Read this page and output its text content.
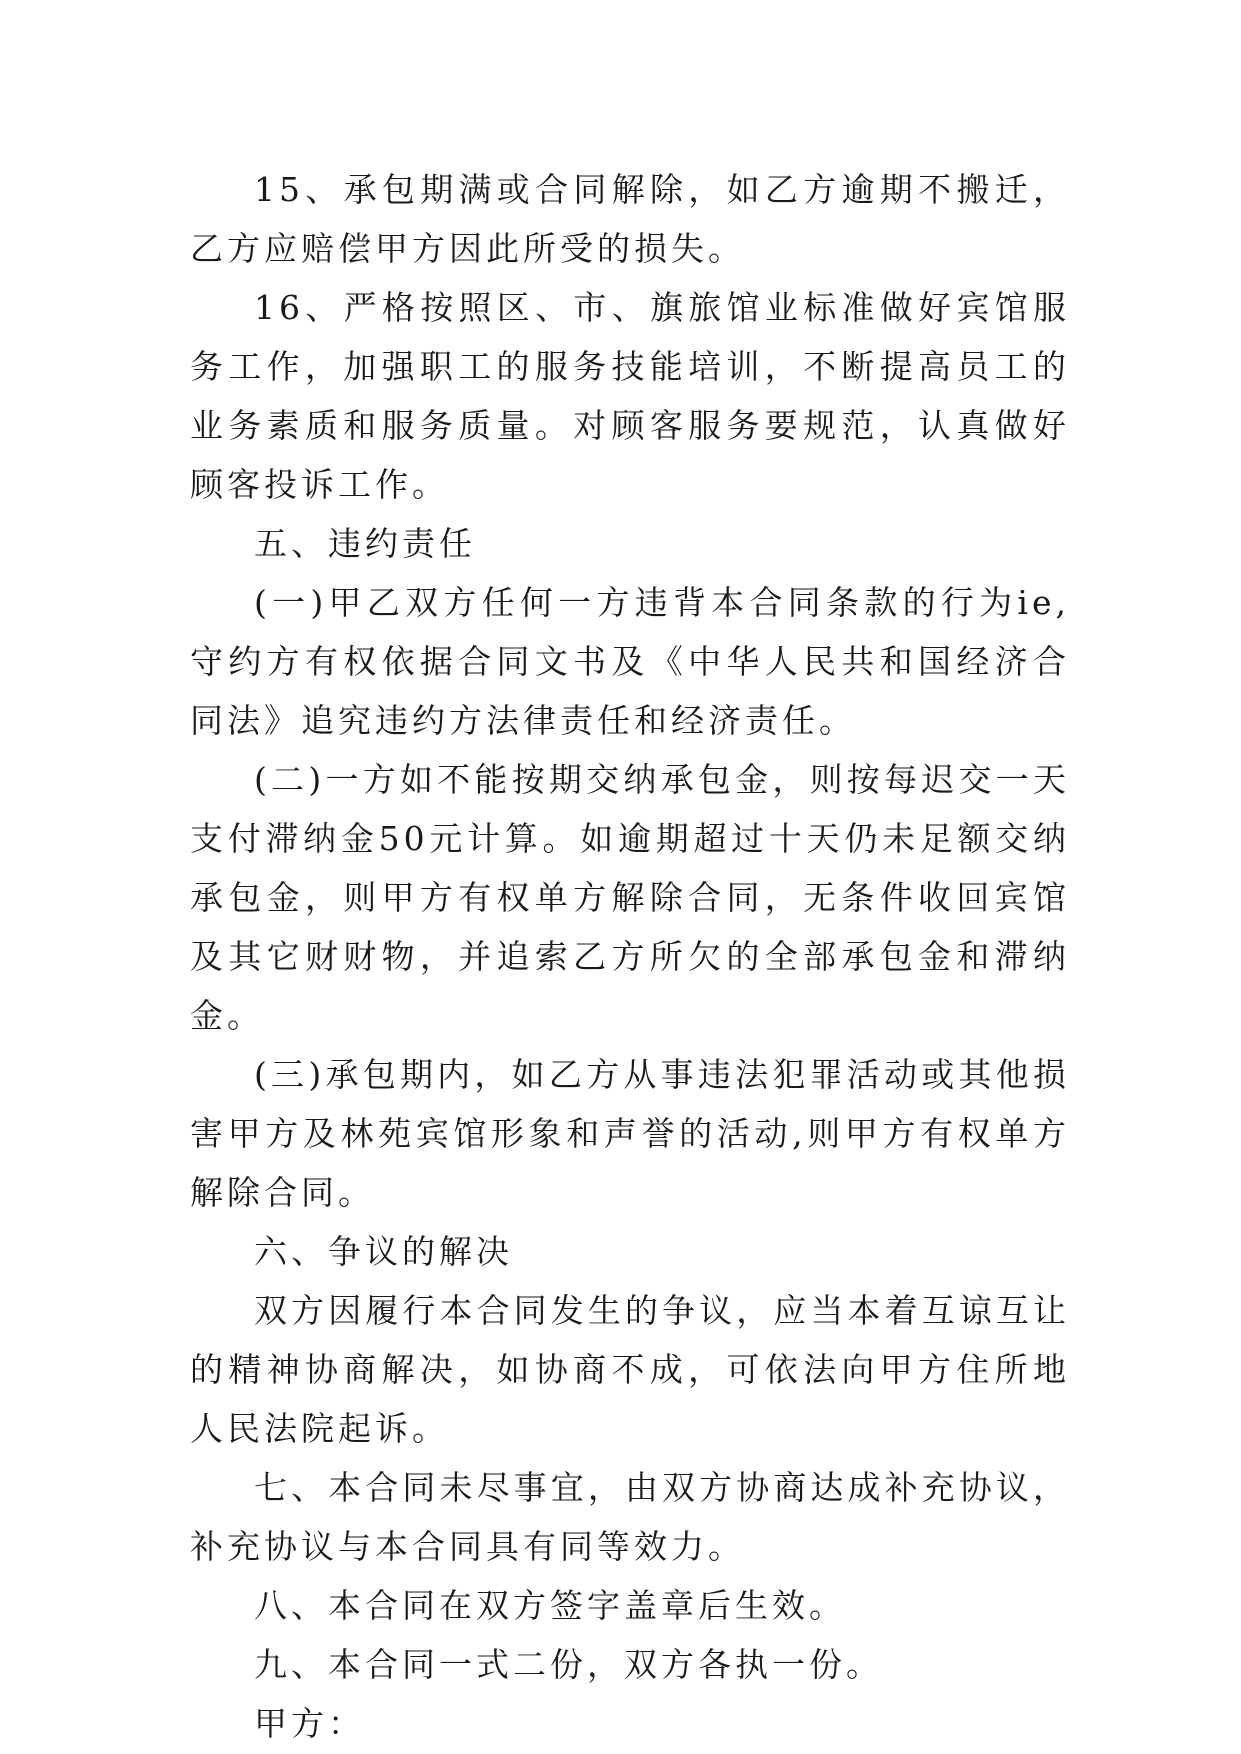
15、承包期满或合同解除，如乙方逾期不搬迁，乙方应赔偿甲方因此所受的损失。

16、严格按照区、市、旗旅馆业标准做好宾馆服务工作，加强职工的服务技能培训，不断提高员工的业务素质和服务质量。对顾客服务要规范，认真做好顾客投诉工作。

五、违约责任

(一)甲乙双方任何一方违背本合同条款的行为ie,守约方有权依据合同文书及《中华人民共和国经济合同法》追究违约方法律责任和经济责任。

(二)一方如不能按期交纳承包金，则按每迟交一天支付滞纳金50元计算。如逾期超过十天仍未足额交纳承包金，则甲方有权单方解除合同，无条件收回宾馆及其它财财物，并追索乙方所欠的全部承包金和滞纳金。

(三)承包期内，如乙方从事违法犯罪活动或其他损害甲方及林苑宾馆形象和声誉的活动,则甲方有权单方解除合同。

六、争议的解决

双方因履行本合同发生的争议，应当本着互谅互让的精神协商解决，如协商不成，可依法向甲方住所地人民法院起诉。

七、本合同未尽事宜，由双方协商达成补充协议，补充协议与本合同具有同等效力。

八、本合同在双方签字盖章后生效。

九、本合同一式二份，双方各执一份。

甲方：
